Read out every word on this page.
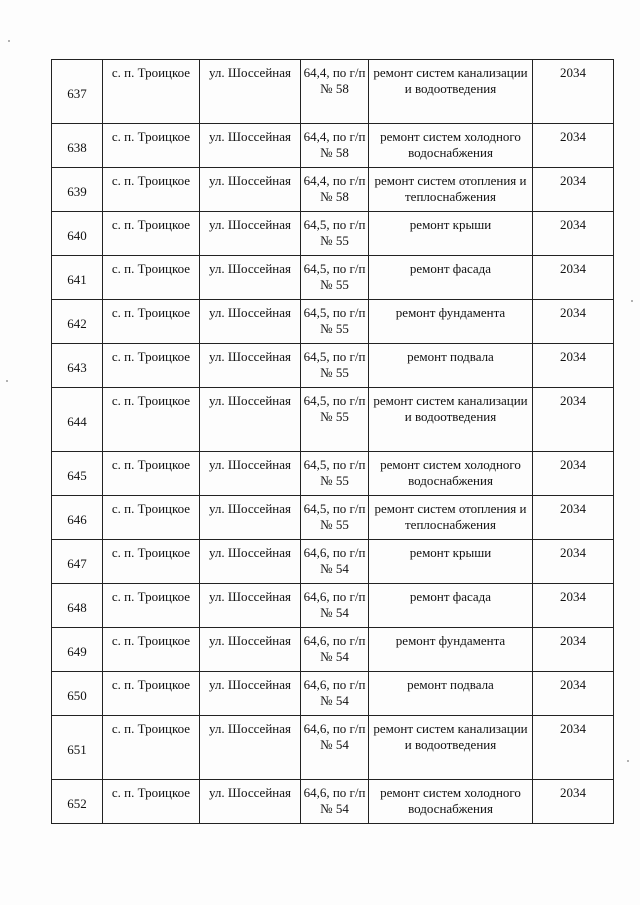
637	с. п. Троицкое	ул. Шоссейная	64,4, по г/п № 58	ремонт систем канализации и водоотведения	2034
638	с. п. Троицкое	ул. Шоссейная	64,4, по г/п № 58	ремонт систем холодного водоснабжения	2034
639	с. п. Троицкое	ул. Шоссейная	64,4, по г/п № 58	ремонт систем отопления и теплоснабжения	2034
640	с. п. Троицкое	ул. Шоссейная	64,5, по г/п № 55	ремонт крыши	2034
641	с. п. Троицкое	ул. Шоссейная	64,5, по г/п № 55	ремонт фасада	2034
642	с. п. Троицкое	ул. Шоссейная	64,5, по г/п № 55	ремонт фундамента	2034
643	с. п. Троицкое	ул. Шоссейная	64,5, по г/п № 55	ремонт подвала	2034
644	с. п. Троицкое	ул. Шоссейная	64,5, по г/п № 55	ремонт систем канализации и водоотведения	2034
645	с. п. Троицкое	ул. Шоссейная	64,5, по г/п № 55	ремонт систем холодного водоснабжения	2034
646	с. п. Троицкое	ул. Шоссейная	64,5, по г/п № 55	ремонт систем отопления и теплоснабжения	2034
647	с. п. Троицкое	ул. Шоссейная	64,6, по г/п № 54	ремонт крыши	2034
648	с. п. Троицкое	ул. Шоссейная	64,6, по г/п № 54	ремонт фасада	2034
649	с. п. Троицкое	ул. Шоссейная	64,6, по г/п № 54	ремонт фундамента	2034
650	с. п. Троицкое	ул. Шоссейная	64,6, по г/п № 54	ремонт подвала	2034
651	с. п. Троицкое	ул. Шоссейная	64,6, по г/п № 54	ремонт систем канализации и водоотведения	2034
652	с. п. Троицкое	ул. Шоссейная	64,6, по г/п № 54	ремонт систем холодного водоснабжения	2034
